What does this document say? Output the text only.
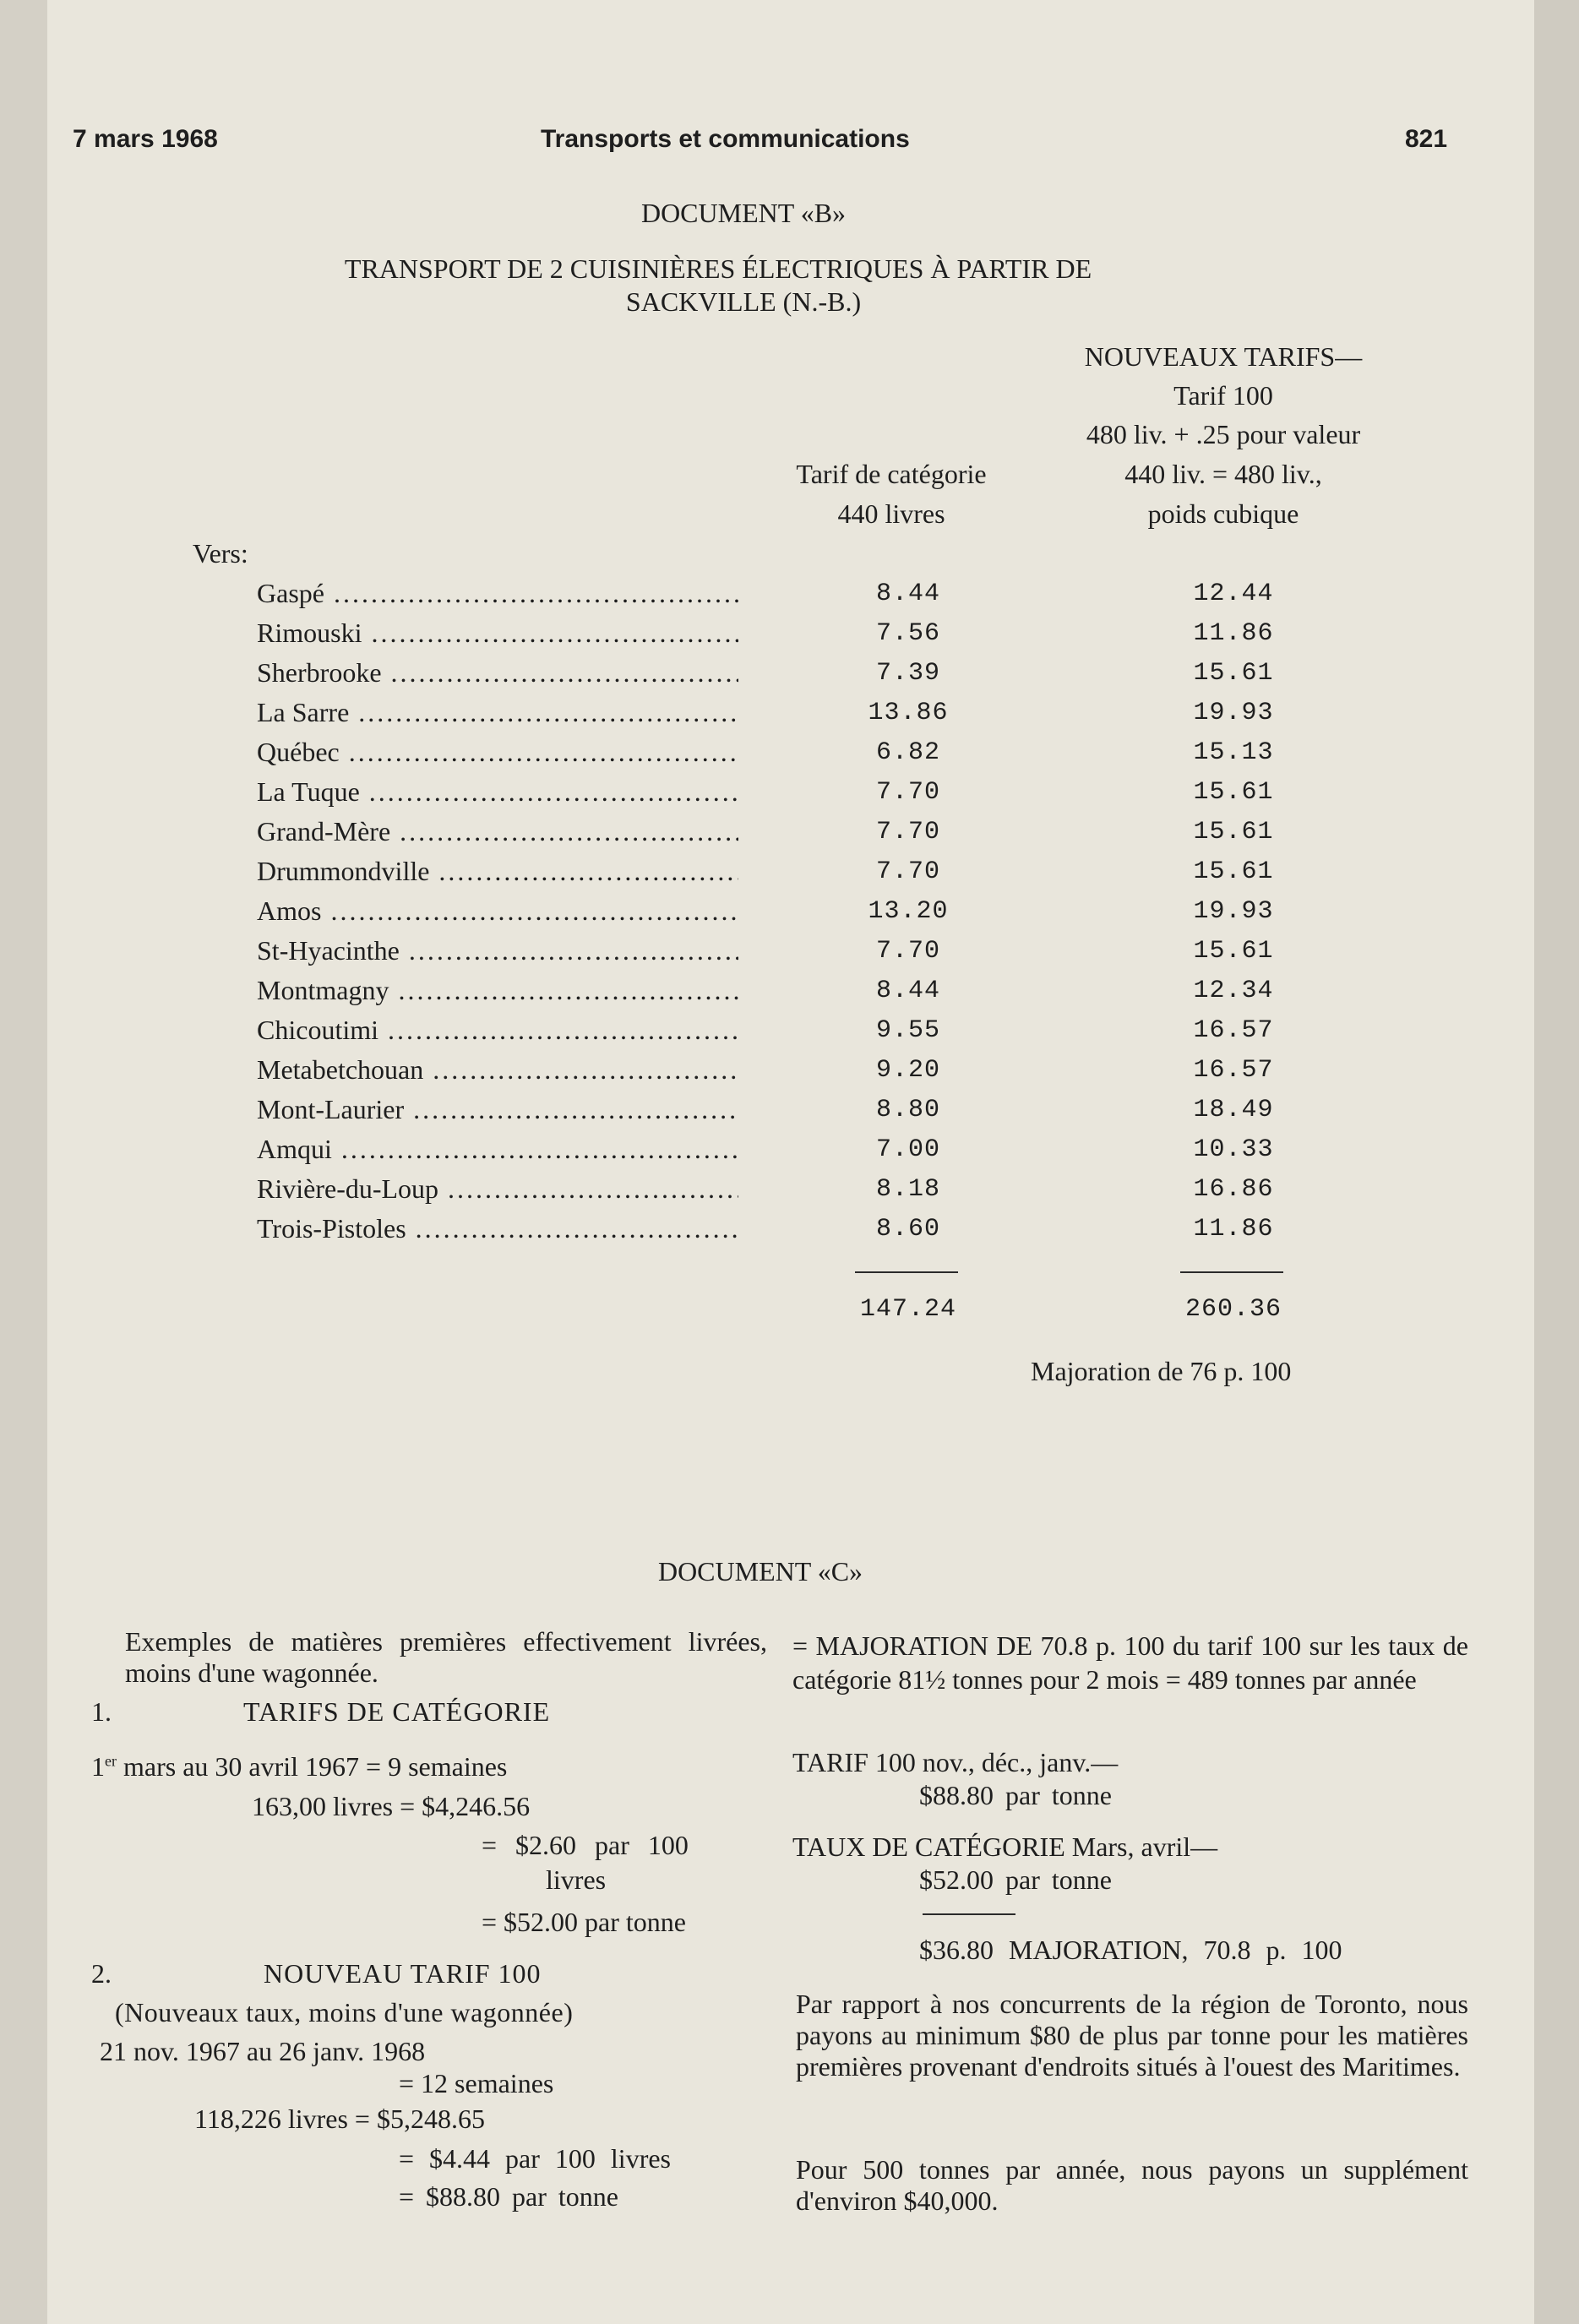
7 mars 1968	Transports et communications	821
DOCUMENT «B»
TRANSPORT DE 2 CUISINIÈRES ÉLECTRIQUES À PARTIR DE
SACKVILLE (N.-B.)
NOUVEAUX TARIFS—
Tarif 100
480 liv. + .25 pour valeur
440 liv. = 480 liv.,
poids cubique
Tarif de catégorie
440 livres
Vers:
Gaspé .....	8.44	12.44
Rimouski .....	7.56	11.86
Sherbrooke .....	7.39	15.61
La Sarre .....	13.86	19.93
Québec .....	6.82	15.13
La Tuque .....	7.70	15.61
Grand-Mère .....	7.70	15.61
Drummondville .....	7.70	15.61
Amos .....	13.20	19.93
St-Hyacinthe .....	7.70	15.61
Montmagny .....	8.44	12.34
Chicoutimi .....	9.55	16.57
Metabetchouan .....	9.20	16.57
Mont-Laurier .....	8.80	18.49
Amqui .....	7.00	10.33
Rivière-du-Loup .....	8.18	16.86
Trois-Pistoles .....	8.60	11.86
147.24	260.36
Majoration de 76 p. 100
DOCUMENT «C»
Exemples de matières premières effectivement livrées, moins d'une wagonnée.
1.	TARIFS DE CATÉGORIE
1er mars au 30 avril 1967 = 9 semaines
163,00 livres = $4,246.56
= $2.60 par 100
livres
= $52.00 par tonne
2.	NOUVEAU TARIF 100
(Nouveaux taux, moins d'une wagonnée)
21 nov. 1967 au 26 janv. 1968
= 12 semaines
118,226 livres = $5,248.65
= $4.44 par 100 livres
= $88.80 par tonne
= MAJORATION DE 70.8 p. 100 du tarif 100 sur les taux de catégorie 81½ tonnes pour 2 mois = 489 tonnes par année
TARIF 100 nov., déc., janv.—
$88.80 par tonne
TAUX DE CATÉGORIE Mars, avril—
$52.00 par tonne
$36.80 MAJORATION, 70.8 p. 100
Par rapport à nos concurrents de la région de Toronto, nous payons au minimum $80 de plus par tonne pour les matières premières provenant d'endroits situés à l'ouest des Maritimes.
Pour 500 tonnes par année, nous payons un supplément d'environ $40,000.
